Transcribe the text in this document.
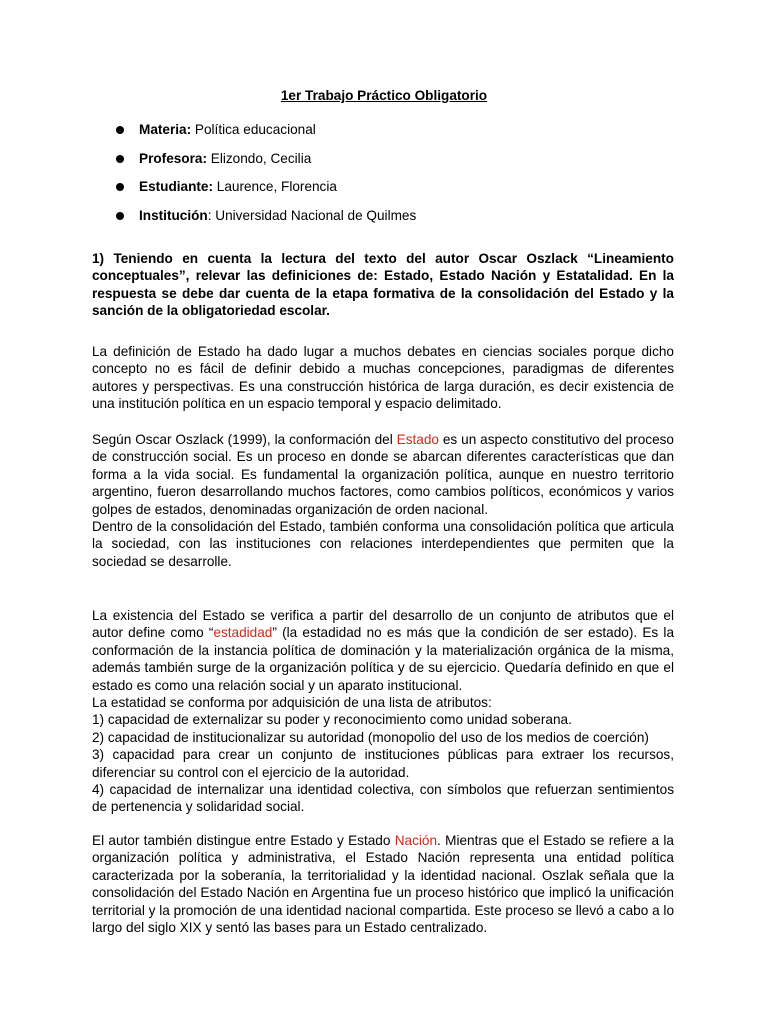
1er Trabajo Práctico Obligatorio
Materia: Política educacional
Profesora: Elizondo, Cecilia
Estudiante: Laurence, Florencia
Institución: Universidad Nacional de Quilmes

1) Teniendo en cuenta la lectura del texto del autor Oscar Oszlack “Lineamiento conceptuales”, relevar las definiciones de: Estado, Estado Nación y Estatalidad. En la respuesta se debe dar cuenta de la etapa formativa de la consolidación del Estado y la sanción de la obligatoriedad escolar.

La definición de Estado ha dado lugar a muchos debates en ciencias sociales porque dicho concepto no es fácil de definir debido a muchas concepciones, paradigmas de diferentes autores y perspectivas. Es una construcción histórica de larga duración, es decir existencia de una institución política en un espacio temporal y espacio delimitado.

Según Oscar Oszlack (1999), la conformación del Estado es un aspecto constitutivo del proceso de construcción social. Es un proceso en donde se abarcan diferentes características que dan forma a la vida social. Es fundamental la organización política, aunque en nuestro territorio argentino, fueron desarrollando muchos factores, como cambios políticos, económicos y varios golpes de estados, denominadas organización de orden nacional.

Dentro de la consolidación del Estado, también conforma una consolidación política que articula la sociedad, con las instituciones con relaciones interdependientes que permiten que la sociedad se desarrolle.

La existencia del Estado se verifica a partir del desarrollo de un conjunto de atributos que el autor define como “estadidad” (la estadidad no es más que la condición de ser estado). Es la conformación de la instancia política de dominación y la materialización orgánica de la misma, además también surge de la organización política y de su ejercicio. Quedaría definido en que el estado es como una relación social y un aparato institucional.

La estatidad se conforma por adquisición de una lista de atributos:

1) capacidad de externalizar su poder y reconocimiento como unidad soberana.

2) capacidad de institucionalizar su autoridad (monopolio del uso de los medios de coerción)

3) capacidad para crear un conjunto de instituciones públicas para extraer los recursos, diferenciar su control con el ejercicio de la autoridad.

4) capacidad de internalizar una identidad colectiva, con símbolos que refuerzan sentimientos de pertenencia y solidaridad social.

El autor también distingue entre Estado y Estado Nación. Mientras que el Estado se refiere a la organización política y administrativa, el Estado Nación representa una entidad política caracterizada por la soberanía, la territorialidad y la identidad nacional. Oszlak señala que la consolidación del Estado Nación en Argentina fue un proceso histórico que implicó la unificación territorial y la promoción de una identidad nacional compartida. Este proceso se llevó a cabo a lo largo del siglo XIX y sentó las bases para un Estado centralizado.
